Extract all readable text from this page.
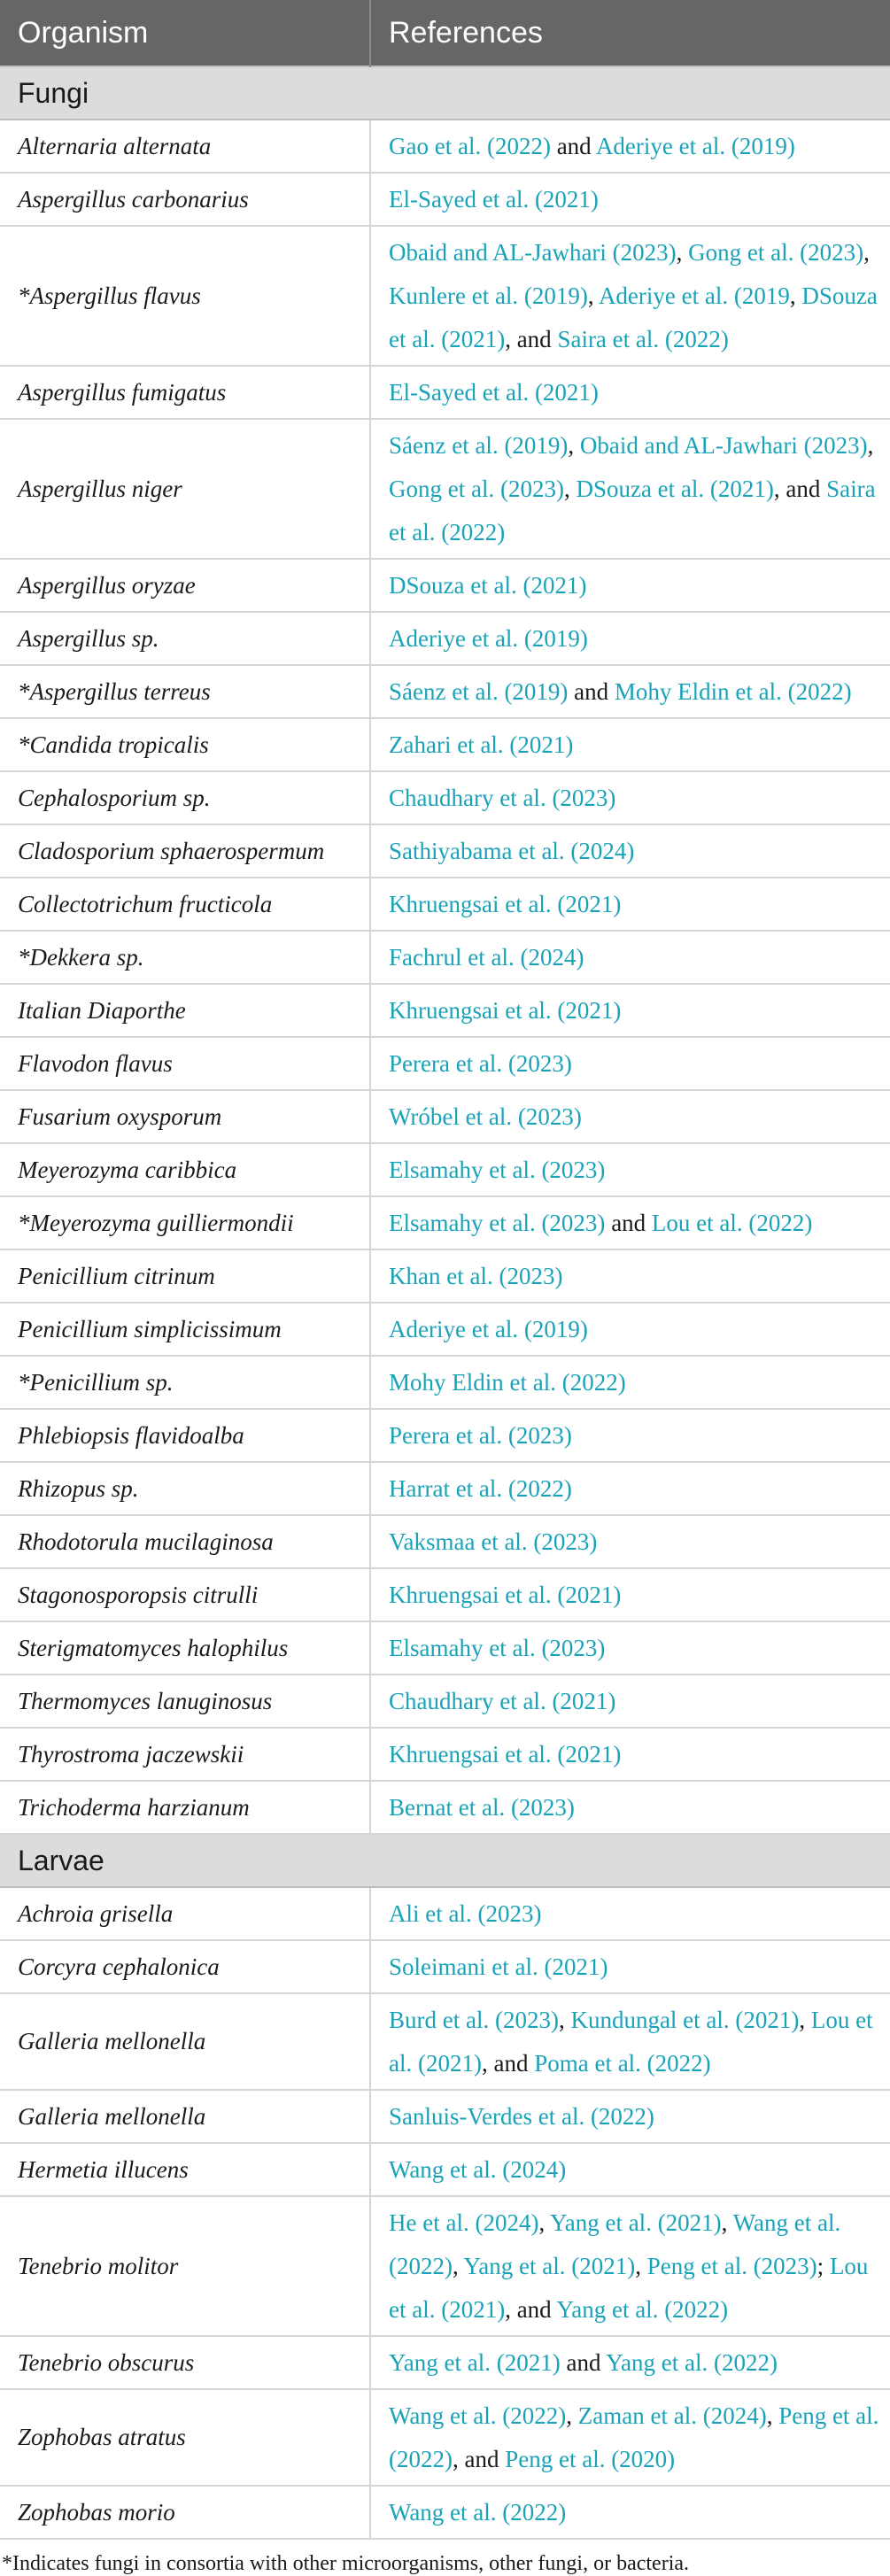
Organism	References
Fungi	
Alternaria alternata	Gao et al. (2022) and Aderiye et al. (2019)
Aspergillus carbonarius	El-Sayed et al. (2021)
*Aspergillus flavus	Obaid and AL-Jawhari (2023), Gong et al. (2023), Kunlere et al. (2019), Aderiye et al. (2019, DSouza et al. (2021), and Saira et al. (2022)
Aspergillus fumigatus	El-Sayed et al. (2021)
Aspergillus niger	Sáenz et al. (2019), Obaid and AL-Jawhari (2023), Gong et al. (2023), DSouza et al. (2021), and Saira et al. (2022)
Aspergillus oryzae	DSouza et al. (2021)
Aspergillus sp.	Aderiye et al. (2019)
*Aspergillus terreus	Sáenz et al. (2019) and Mohy Eldin et al. (2022)
*Candida tropicalis	Zahari et al. (2021)
Cephalosporium sp.	Chaudhary et al. (2023)
Cladosporium sphaerospermum	Sathiyabama et al. (2024)
Collectotrichum fructicola	Khruengsai et al. (2021)
*Dekkera sp.	Fachrul et al. (2024)
Italian Diaporthe	Khruengsai et al. (2021)
Flavodon flavus	Perera et al. (2023)
Fusarium oxysporum	Wróbel et al. (2023)
Meyerozyma caribbica	Elsamahy et al. (2023)
*Meyerozyma guilliermondii	Elsamahy et al. (2023) and Lou et al. (2022)
Penicillium citrinum	Khan et al. (2023)
Penicillium simplicissimum	Aderiye et al. (2019)
*Penicillium sp.	Mohy Eldin et al. (2022)
Phlebiopsis flavidoalba	Perera et al. (2023)
Rhizopus sp.	Harrat et al. (2022)
Rhodotorula mucilaginosa	Vaksmaa et al. (2023)
Stagonosporopsis citrulli	Khruengsai et al. (2021)
Sterigmatomyces halophilus	Elsamahy et al. (2023)
Thermomyces lanuginosus	Chaudhary et al. (2021)
Thyrostroma jaczewskii	Khruengsai et al. (2021)
Trichoderma harzianum	Bernat et al. (2023)
Larvae	
Achroia grisella	Ali et al. (2023)
Corcyra cephalonica	Soleimani et al. (2021)
Galleria mellonella	Burd et al. (2023), Kundungal et al. (2021), Lou et al. (2021), and Poma et al. (2022)
Galleria mellonella	Sanluis-Verdes et al. (2022)
Hermetia illucens	Wang et al. (2024)
Tenebrio molitor	He et al. (2024), Yang et al. (2021), Wang et al. (2022), Yang et al. (2021), Peng et al. (2023); Lou et al. (2021), and Yang et al. (2022)
Tenebrio obscurus	Yang et al. (2021) and Yang et al. (2022)
Zophobas atratus	Wang et al. (2022), Zaman et al. (2024), Peng et al. (2022), and Peng et al. (2020)
Zophobas morio	Wang et al. (2022)
*Indicates fungi in consortia with other microorganisms, other fungi, or bacteria.
